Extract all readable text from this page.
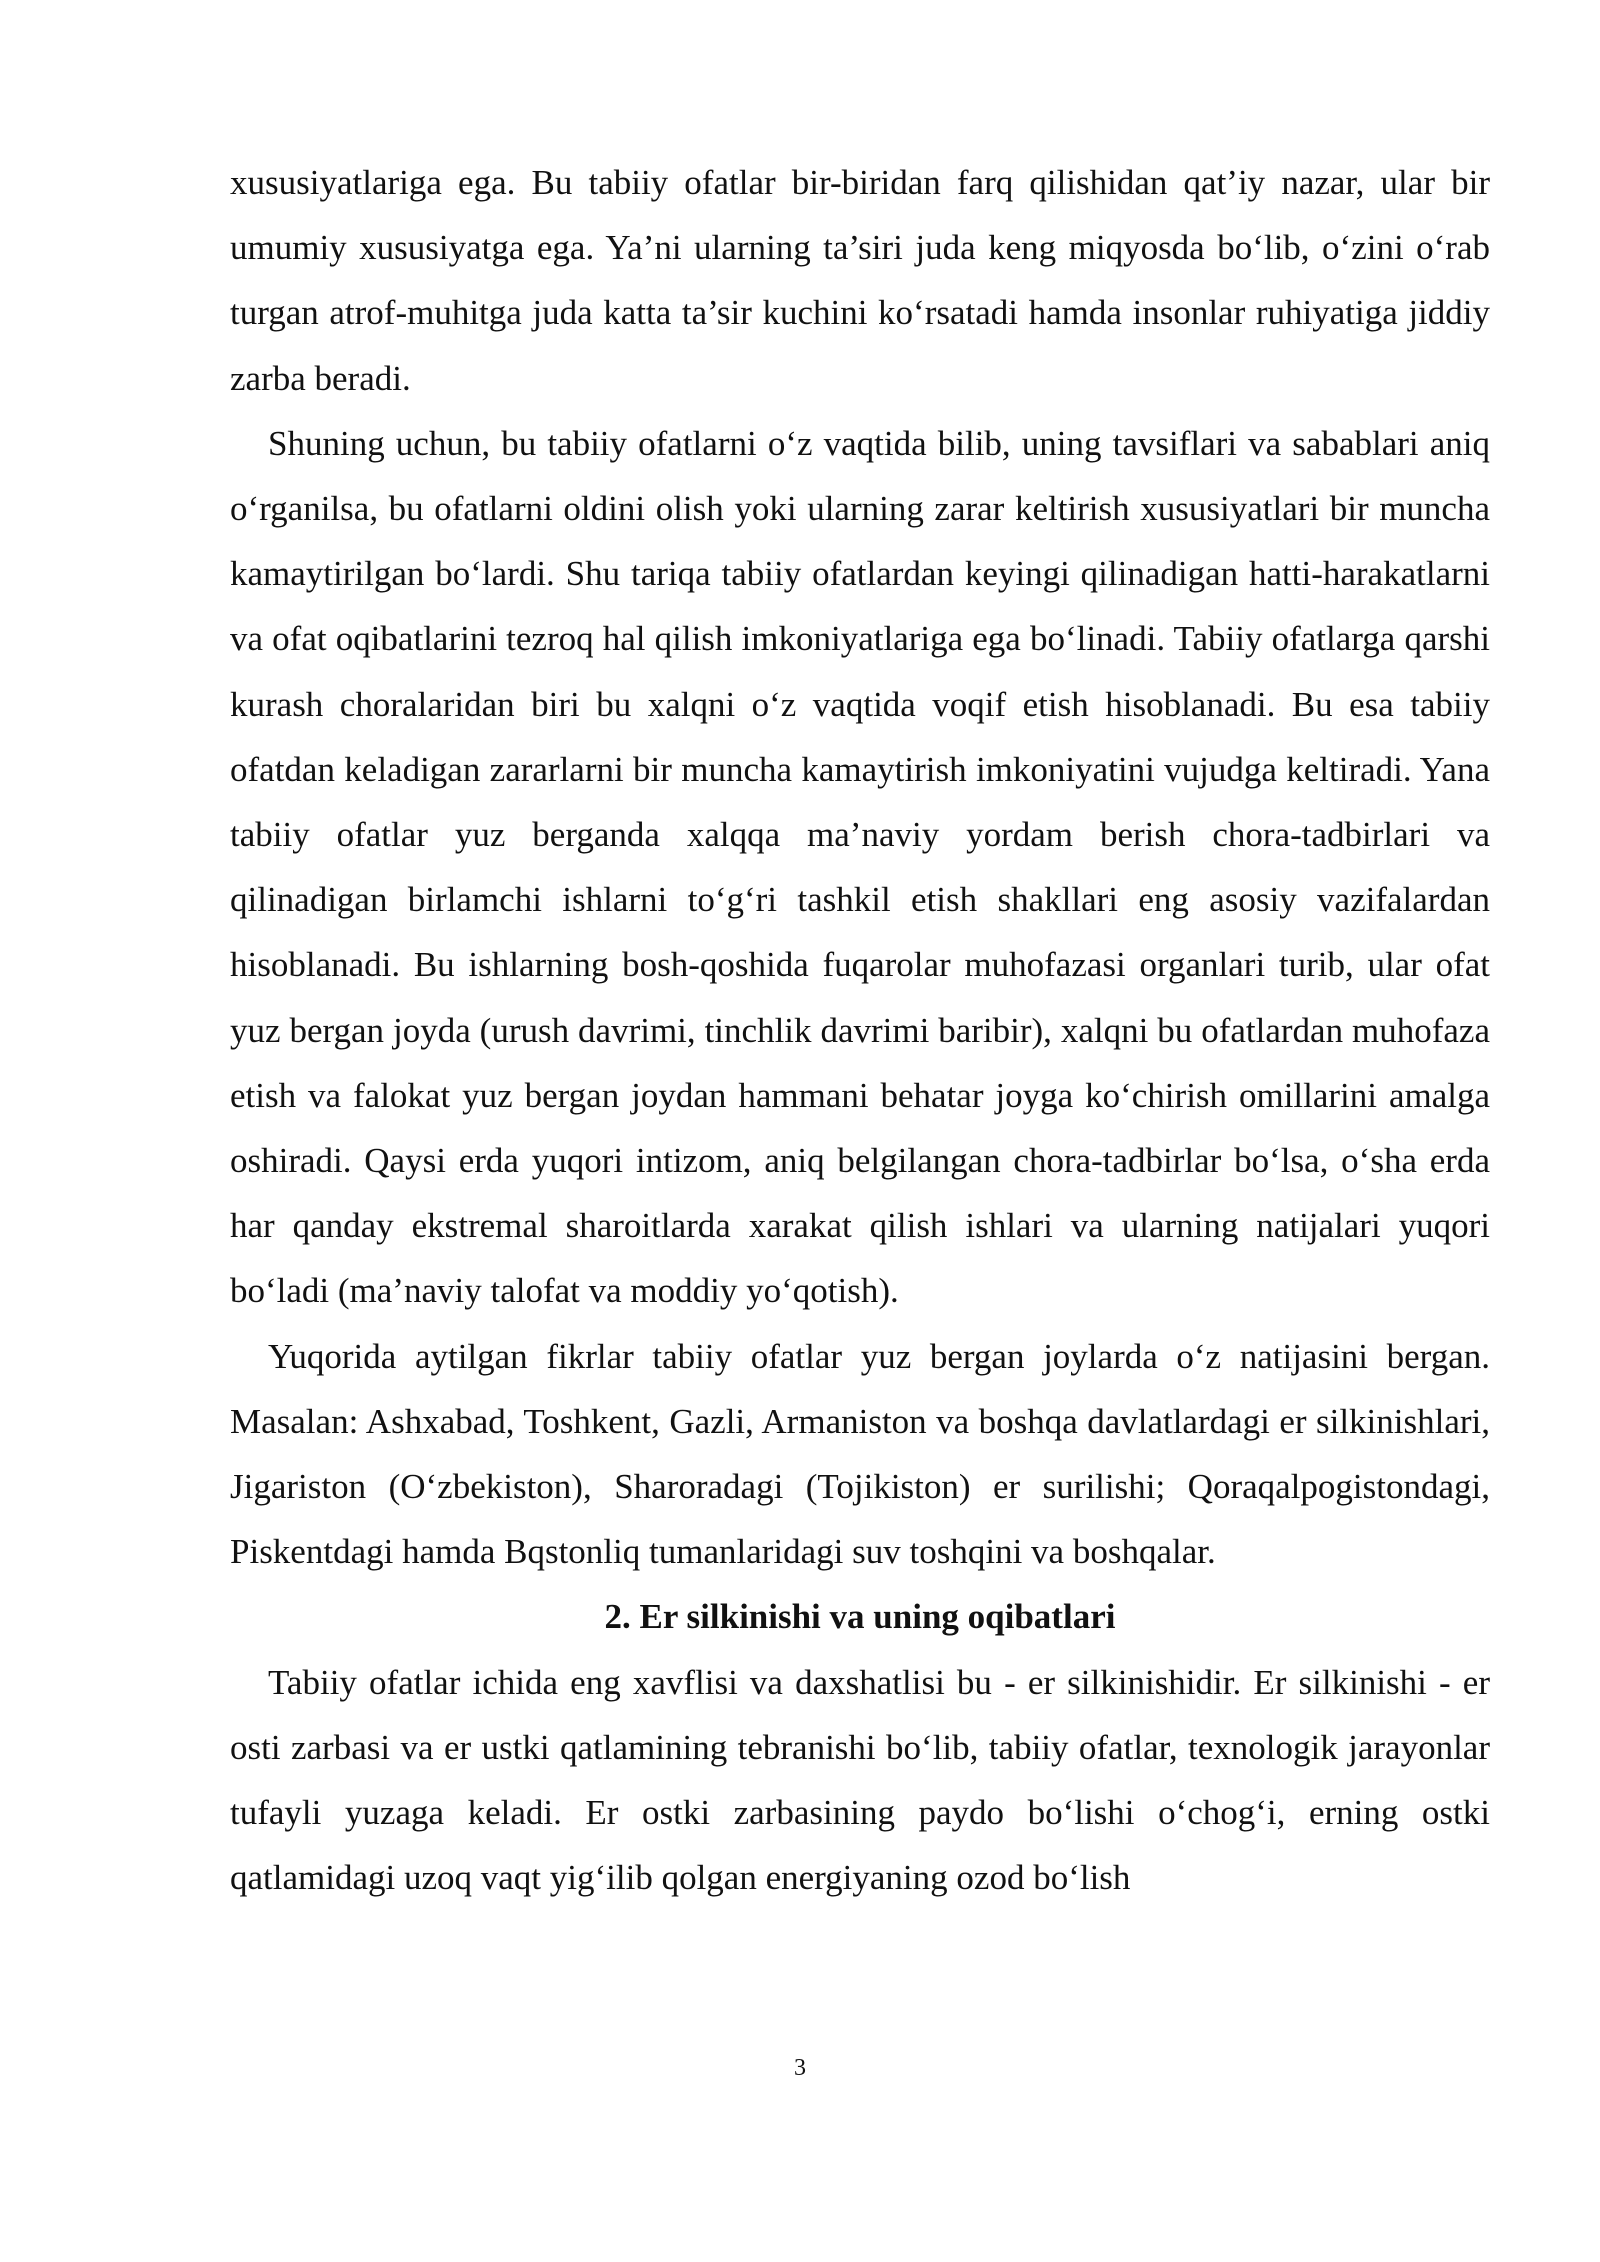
xususiyatlariga ega. Bu tabiiy ofatlar bir-biridan farq qilishidan qat’iy nazar, ular bir umumiy xususiyatga ega. Ya’ni ularning ta’siri juda keng miqyosda bo‘lib, o‘zini o‘rab turgan atrof-muhitga juda katta ta’sir kuchini ko‘rsatadi hamda insonlar ruhiyatiga jiddiy zarba beradi.

Shuning uchun, bu tabiiy ofatlarni o‘z vaqtida bilib, uning tavsiflari va sabablari aniq o‘rganilsa, bu ofatlarni oldini olish yoki ularning zarar keltirish xususiyatlari bir muncha kamaytirilgan bo‘lardi. Shu tariqa tabiiy ofatlardan keyingi qilinadigan hatti-harakatlarni va ofat oqibatlarini tezroq hal qilish imkoniyatlariga ega bo‘linadi. Tabiiy ofatlarga qarshi kurash choralaridan biri bu xalqni o‘z vaqtida voqif etish hisoblanadi. Bu esa tabiiy ofatdan keladigan zararlarni bir muncha kamaytirish imkoniyatini vujudga keltiradi. Yana tabiiy ofatlar yuz berganda xalqqa ma’naviy yordam berish chora-tadbirlari va qilinadigan birlamchi ishlarni to‘g‘ri tashkil etish shakllari eng asosiy vazifalardan hisoblanadi. Bu ishlarning bosh-qoshida fuqarolar muhofazasi organlari turib, ular ofat yuz bergan joyda (urush davrimi, tinchlik davrimi baribir), xalqni bu ofatlardan muhofaza etish va falokat yuz bergan joydan hammani behatar joyga ko‘chirish omillarini amalga oshiradi. Qaysi erda yuqori intizom, aniq belgilangan chora-tadbirlar bo‘lsa, o‘sha erda har qanday ekstremal sharoitlarda xarakat qilish ishlari va ularning natijalari yuqori bo‘ladi (ma’naviy talofat va moddiy yo‘qotish).

Yuqorida aytilgan fikrlar tabiiy ofatlar yuz bergan joylarda o‘z natijasini bergan. Masalan: Ashxabad, Toshkent, Gazli, Armaniston va boshqa davlatlardagi er silkinishlari, Jigariston (O‘zbekiston), Sharoradagi (Tojikiston) er surilishi; Qoraqalpogistondagi, Piskentdagi hamda Bqstonliq tumanlaridagi suv toshqini va boshqalar.

2. Er silkinishi va uning oqibatlari

Tabiiy ofatlar ichida eng xavflisi va daxshatlisi bu - er silkinishidir. Er silkinishi - er osti zarbasi va er ustki qatlamining tebranishi bo‘lib, tabiiy ofatlar, texnologik jarayonlar tufayli yuzaga keladi. Er ostki zarbasining paydo bo‘lishi o‘chog‘i, erning ostki qatlamidagi uzoq vaqt yig‘ilib qolgan energiyaning ozod bo‘lish

3
